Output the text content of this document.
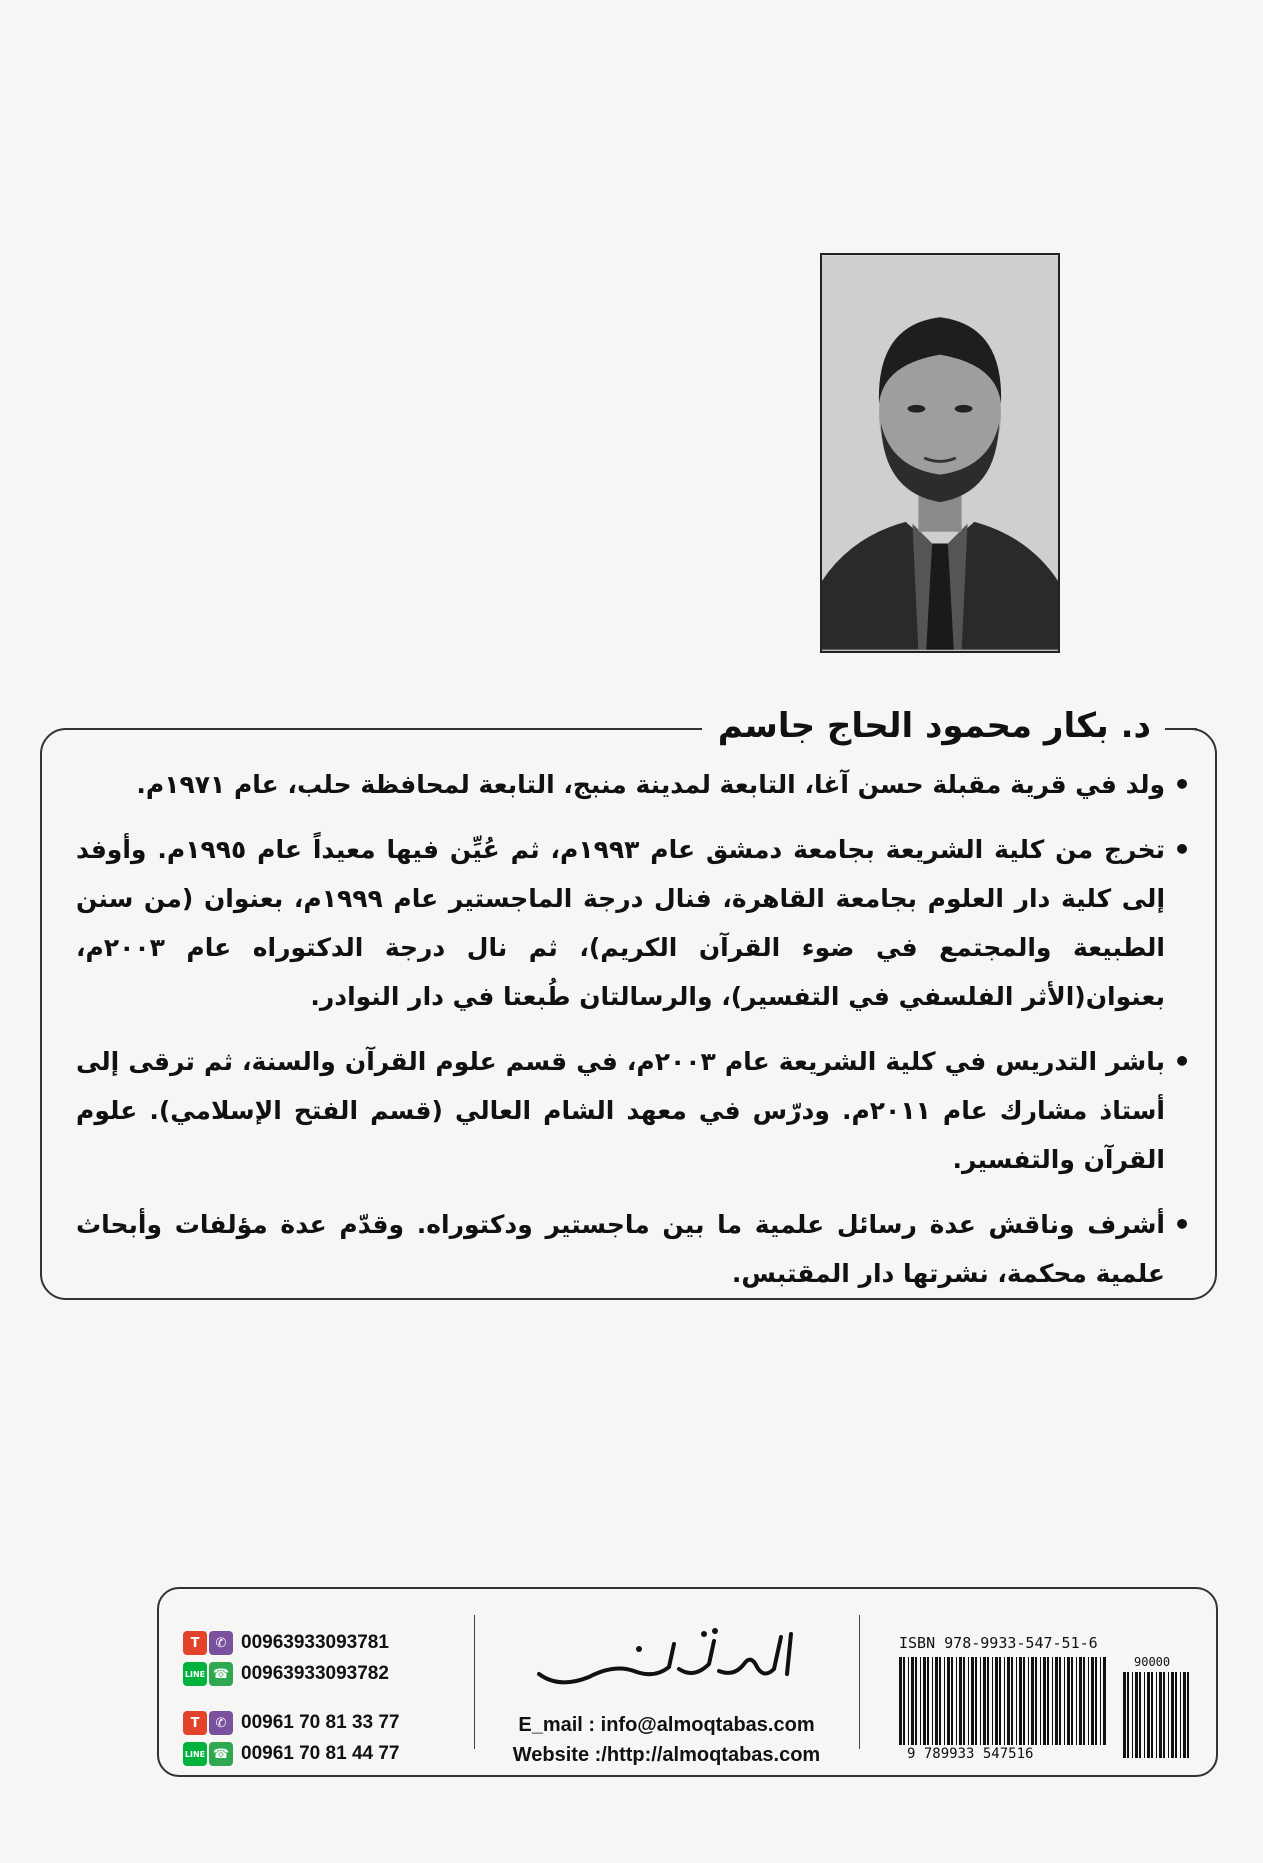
د. بكار محمود الحاج جاسم
• ولد في قرية مقبلة حسن آغا، التابعة لمدينة منبج، التابعة لمحافظة حلب، عام ١٩٧١م.
• تخرج من كلية الشريعة بجامعة دمشق عام ١٩٩٣م، ثم عُيِّن فيها معيداً عام ١٩٩٥م. وأوفد إلى كلية دار العلوم بجامعة القاهرة، فنال درجة الماجستير عام ١٩٩٩م، بعنوان (من سنن الطبيعة والمجتمع في ضوء القرآن الكريم)، ثم نال درجة الدكتوراه عام ٢٠٠٣م، بعنوان(الأثر الفلسفي في التفسير)، والرسالتان طُبعتا في دار النوادر.
• باشر التدريس في كلية الشريعة عام ٢٠٠٣م، في قسم علوم القرآن والسنة، ثم ترقى إلى أستاذ مشارك عام ٢٠١١م. ودرّس في معهد الشام العالي (قسم الفتح الإسلامي). علوم القرآن والتفسير.
• أشرف وناقش عدة رسائل علمية ما بين ماجستير ودكتوراه. وقدّم عدة مؤلفات وأبحاث علمية محكمة، نشرتها دار المقتبس.
T	✆ 00963933093781
LINE ☎ 00963933093782
T	✆ 00961 70 81 33 77
LINE ☎ 00961 70 81 44 77
E_mail : info@almoqtabas.com
Website :/http://almoqtabas.com
ISBN 978-9933-547-51-6
9 789933 547516
90000
